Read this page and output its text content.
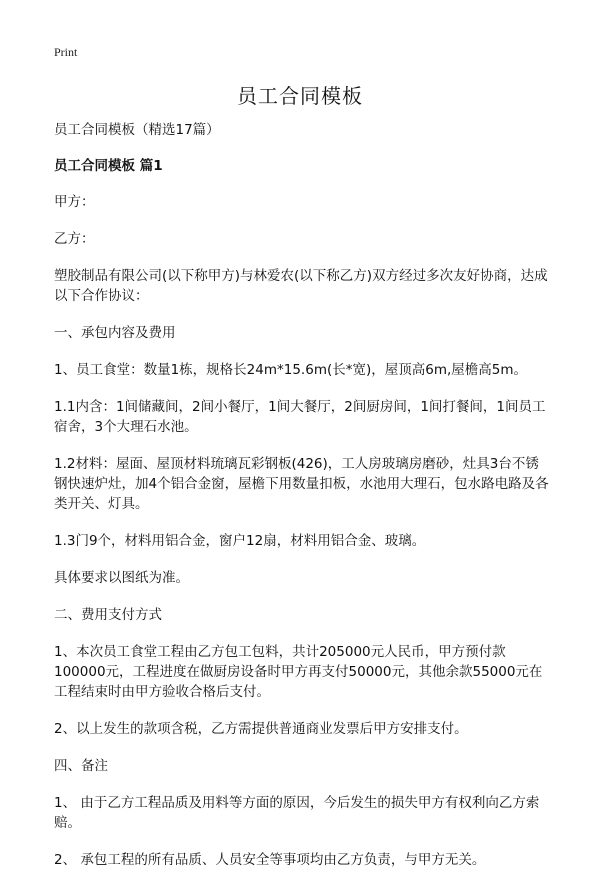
Print
员工合同模板

员工合同模板（精选17篇）

员工合同模板 篇1

甲方：

乙方：

塑胶制品有限公司(以下称甲方)与林爱农(以下称乙方)双方经过多次友好协商，达成以下合作协议：

一、承包内容及费用

1、员工食堂：数量1栋，规格长24m*15.6m(长*宽)，屋顶高6m,屋檐高5m。

1.1内含：1间储藏间，2间小餐厅，1间大餐厅，2间厨房间，1间打餐间，1间员工宿舍，3个大理石水池。

1.2材料：屋面、屋顶材料琉璃瓦彩钢板(426)，工人房玻璃房磨砂，灶具3台不锈钢快速炉灶，加4个铝合金窗，屋檐下用数量扣板，水池用大理石，包水路电路及各类开关、灯具。

1.3门9个，材料用铝合金，窗户12扇，材料用铝合金、玻璃。

具体要求以图纸为准。

二、费用支付方式

1、本次员工食堂工程由乙方包工包料，共计205000元人民币，甲方预付款100000元，工程进度在做厨房设备时甲方再支付50000元，其他余款55000元在工程结束时由甲方验收合格后支付。

2、以上发生的款项含税，乙方需提供普通商业发票后甲方安排支付。

四、备注

1、 由于乙方工程品质及用料等方面的原因，今后发生的损失甲方有权利向乙方索赔。

2、 承包工程的所有品质、人员安全等事项均由乙方负责，与甲方无关。
